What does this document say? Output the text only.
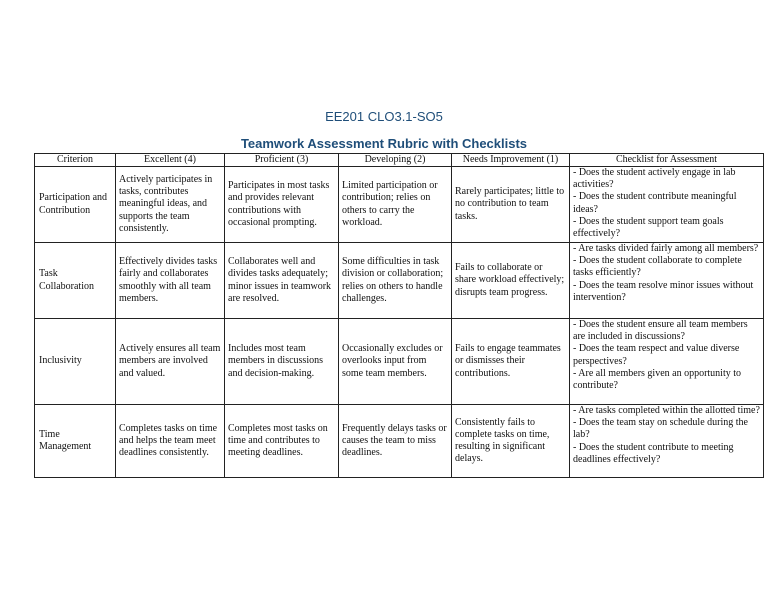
EE201 CLO3.1-SO5
Teamwork Assessment Rubric with Checklists
Criterion	Excellent (4)	Proficient (3)	Developing (2)	Needs Improvement (1)	Checklist for Assessment
Participation and Contribution	Actively participates in tasks, contributes meaningful ideas, and supports the team consistently.	Participates in most tasks and provides relevant contributions with occasional prompting.	Limited participation or contribution; relies on others to carry the workload.	Rarely participates; little to no contribution to team tasks.	- Does the student actively engage in lab activities?
- Does the student contribute meaningful ideas?
- Does the student support team goals effectively?

Task Collaboration	Effectively divides tasks fairly and collaborates smoothly with all team members.	Collaborates well and divides tasks adequately; minor issues in teamwork are resolved.	Some difficulties in task division or collaboration; relies on others to handle challenges.	Fails to collaborate or share workload effectively; disrupts team progress.	- Are tasks divided fairly among all members?
- Does the student collaborate to complete tasks efficiently?
- Does the team resolve minor issues without intervention?

Inclusivity	Actively ensures all team members are involved and valued.	Includes most team members in discussions and decision-making.	Occasionally excludes or overlooks input from some team members.	Fails to engage teammates or dismisses their contributions.	- Does the student ensure all team members are included in discussions?
- Does the team respect and value diverse perspectives?
- Are all members given an opportunity to contribute?

Time Management	Completes tasks on time and helps the team meet deadlines consistently.	Completes most tasks on time and contributes to meeting deadlines.	Frequently delays tasks or causes the team to miss deadlines.	Consistently fails to complete tasks on time, resulting in significant delays.	- Are tasks completed within the allotted time?
- Does the team stay on schedule during the lab?
- Does the student contribute to meeting deadlines effectively?
